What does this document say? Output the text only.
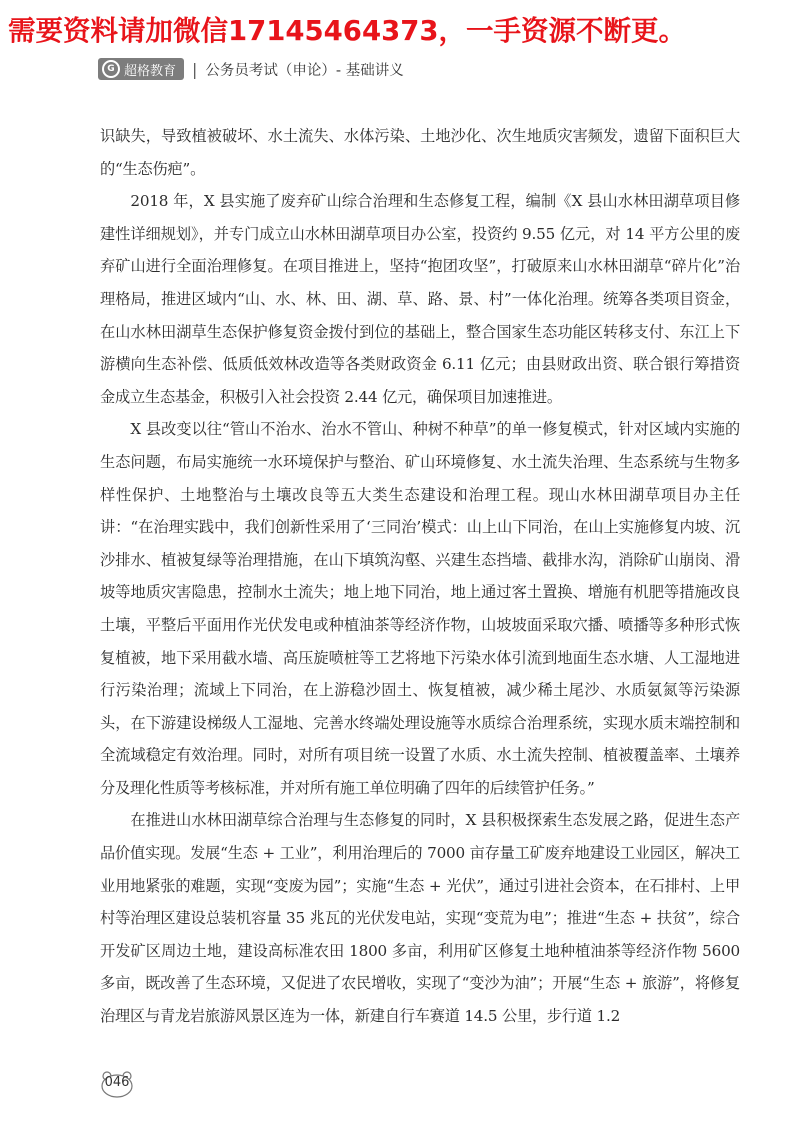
需要资料请加微信17145464373，一手资源不断更。
G 超格教育 | 公务员考试（申论）- 基础讲义

识缺失，导致植被破坏、水土流失、水体污染、土地沙化、次生地质灾害频发，遗留下面积巨大的“生态伤疤”。

2018 年，X 县实施了废弃矿山综合治理和生态修复工程，编制《X 县山水林田湖草项目修建性详细规划》，并专门成立山水林田湖草项目办公室，投资约 9.55 亿元，对 14 平方公里的废弃矿山进行全面治理修复。在项目推进上，坚持“抱团攻坚”，打破原来山水林田湖草“碎片化”治理格局，推进区域内“山、水、林、田、湖、草、路、景、村”一体化治理。统筹各类项目资金，在山水林田湖草生态保护修复资金拨付到位的基础上，整合国家生态功能区转移支付、东江上下游横向生态补偿、低质低效林改造等各类财政资金 6.11 亿元；由县财政出资、联合银行筹措资金成立生态基金，积极引入社会投资 2.44 亿元，确保项目加速推进。

X 县改变以往“管山不治水、治水不管山、种树不种草”的单一修复模式，针对区域内实施的生态问题，布局实施统一水环境保护与整治、矿山环境修复、水土流失治理、生态系统与生物多样性保护、土地整治与土壤改良等五大类生态建设和治理工程。现山水林田湖草项目办主任讲：“在治理实践中，我们创新性采用了‘三同治’模式：山上山下同治，在山上实施修复内坡、沉沙排水、植被复绿等治理措施，在山下填筑沟壑、兴建生态挡墙、截排水沟，消除矿山崩岗、滑坡等地质灾害隐患，控制水土流失；地上地下同治，地上通过客土置换、增施有机肥等措施改良土壤，平整后平面用作光伏发电或种植油茶等经济作物，山坡坡面采取穴播、喷播等多种形式恢复植被，地下采用截水墙、高压旋喷桩等工艺将地下污染水体引流到地面生态水塘、人工湿地进行污染治理；流域上下同治，在上游稳沙固土、恢复植被，减少稀土尾沙、水质氨氮等污染源头，在下游建设梯级人工湿地、完善水终端处理设施等水质综合治理系统，实现水质末端控制和全流域稳定有效治理。同时，对所有项目统一设置了水质、水土流失控制、植被覆盖率、土壤养分及理化性质等考核标准，并对所有施工单位明确了四年的后续管护任务。”

在推进山水林田湖草综合治理与生态修复的同时，X 县积极探索生态发展之路，促进生态产品价值实现。发展“生态 + 工业”，利用治理后的 7000 亩存量工矿废弃地建设工业园区，解决工业用地紧张的难题，实现“变废为园”；实施“生态 + 光伏”，通过引进社会资本，在石排村、上甲村等治理区建设总装机容量 35 兆瓦的光伏发电站，实现“变荒为电”；推进“生态 + 扶贫”，综合开发矿区周边土地，建设高标准农田 1800 多亩，利用矿区修复土地种植油茶等经济作物 5600 多亩，既改善了生态环境，又促进了农民增收，实现了“变沙为油”；开展“生态 + 旅游”，将修复治理区与青龙岩旅游风景区连为一体，新建自行车赛道 14.5 公里，步行道 1.2

046
